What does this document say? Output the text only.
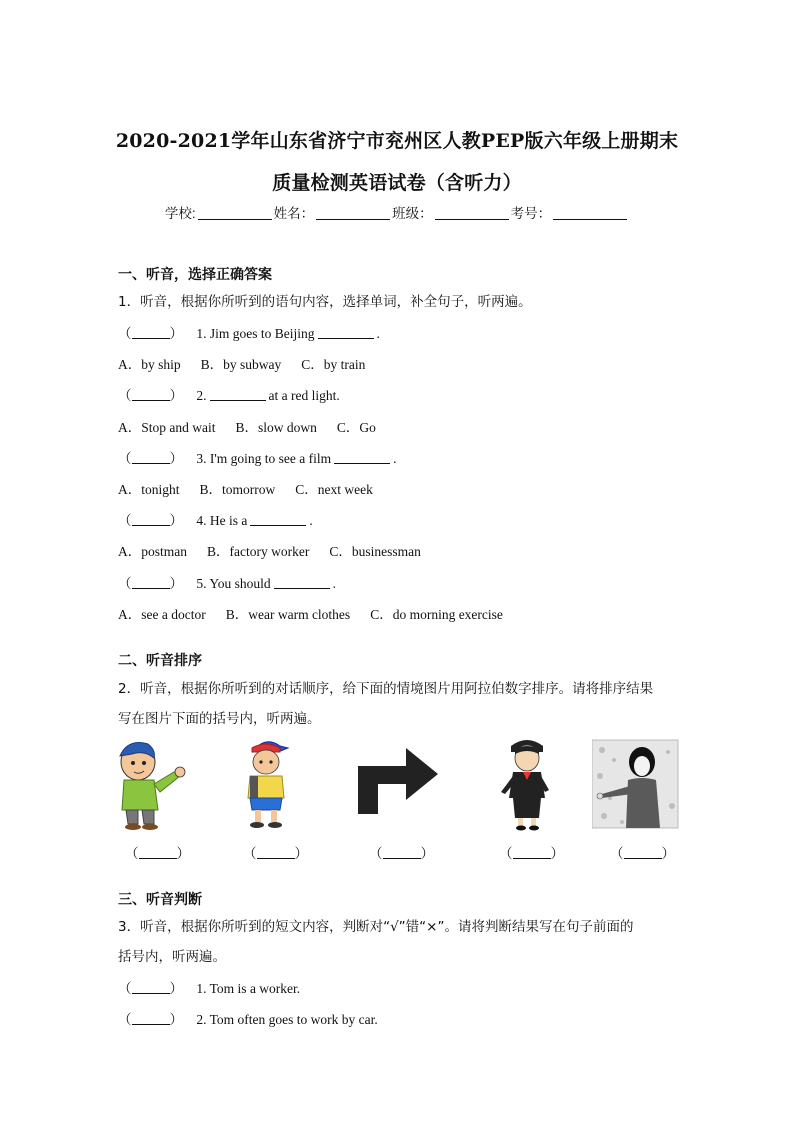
2020-2021学年山东省济宁市兖州区人教PEP版六年级上册期末
质量检测英语试卷（含听力）
学校:	姓名：	班级：	考号：
一、听音，选择正确答案
1．听音，根据你所听到的语句内容，选择单词，补全句子，听两遍。
（	） 1. Jim goes to Beijing	.
A．by ship B．by subway C．by train
（	） 2.	at a red light.
A．Stop and wait B．slow down C．Go
（	） 3. I'm going to see a film	.
A．tonight B．tomorrow C．next week
（	） 4. He is a	.
A．postman B．factory worker C．businessman
（	） 5. You should	.
A．see a doctor B．wear warm clothes C．do morning exercise
二、听音排序
2．听音，根据你所听到的对话顺序，给下面的情境图片用阿拉伯数字排序。请将排序结果
写在图片下面的括号内，听两遍。
（	）	（	）	（	）	（	）	（	）
三、听音判断
3．听音，根据你所听到的短文内容，判断对“√”错“×”。请将判断结果写在句子前面的
括号内，听两遍。
（	） 1. Tom is a worker.
（	） 2. Tom often goes to work by car.
